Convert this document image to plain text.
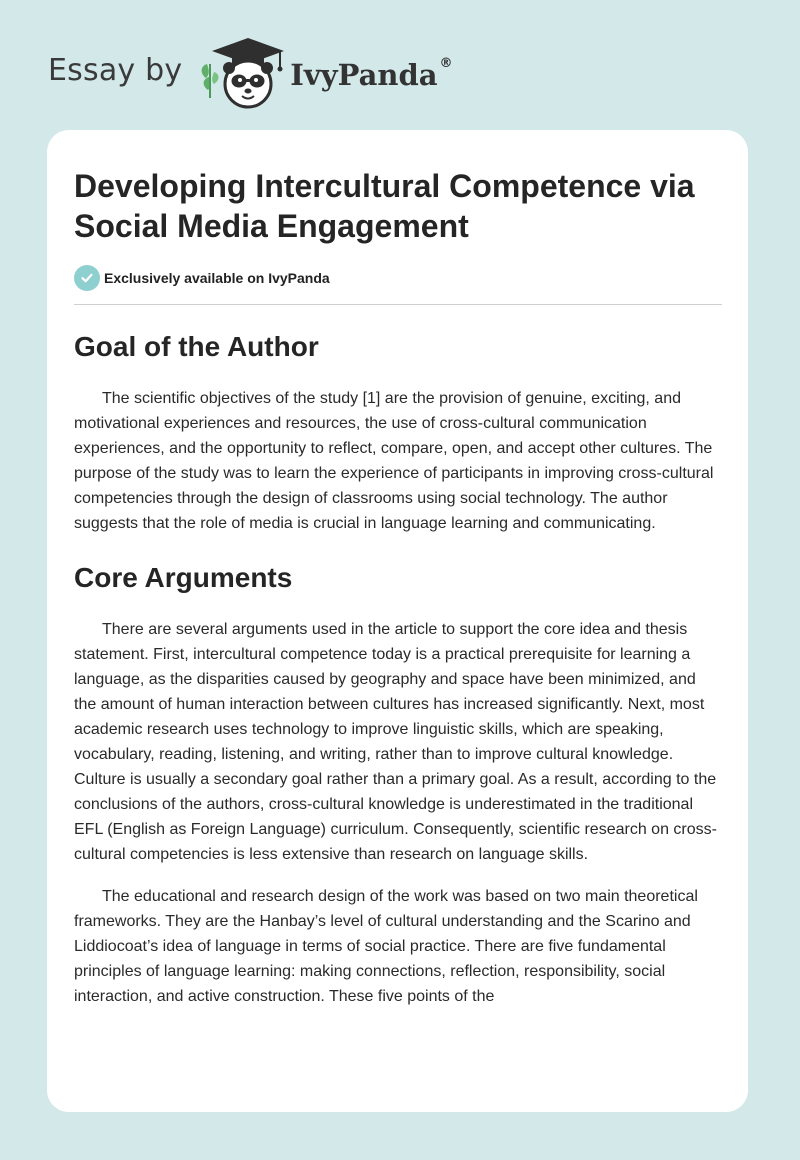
Essay by	IvyPanda ®
Developing Intercultural Competence via Social Media Engagement
Exclusively available on IvyPanda
Goal of the Author

The scientific objectives of the study [1] are the provision of genuine, exciting, and motivational experiences and resources, the use of cross-cultural communication experiences, and the opportunity to reflect, compare, open, and accept other cultures. The purpose of the study was to learn the experience of participants in improving cross-cultural competencies through the design of classrooms using social technology. The author suggests that the role of media is crucial in language learning and communicating.

Core Arguments

There are several arguments used in the article to support the core idea and thesis statement. First, intercultural competence today is a practical prerequisite for learning a language, as the disparities caused by geography and space have been minimized, and the amount of human interaction between cultures has increased significantly. Next, most academic research uses technology to improve linguistic skills, which are speaking, vocabulary, reading, listening, and writing, rather than to improve cultural knowledge. Culture is usually a secondary goal rather than a primary goal. As a result, according to the conclusions of the authors, cross-cultural knowledge is underestimated in the traditional EFL (English as Foreign Language) curriculum. Consequently, scientific research on cross-cultural competencies is less extensive than research on language skills.

The educational and research design of the work was based on two main theoretical frameworks. They are the Hanbay’s level of cultural understanding and the Scarino and Liddiocoat’s idea of language in terms of social practice. There are five fundamental principles of language learning: making connections, reflection, responsibility, social interaction, and active construction. These five points of the
